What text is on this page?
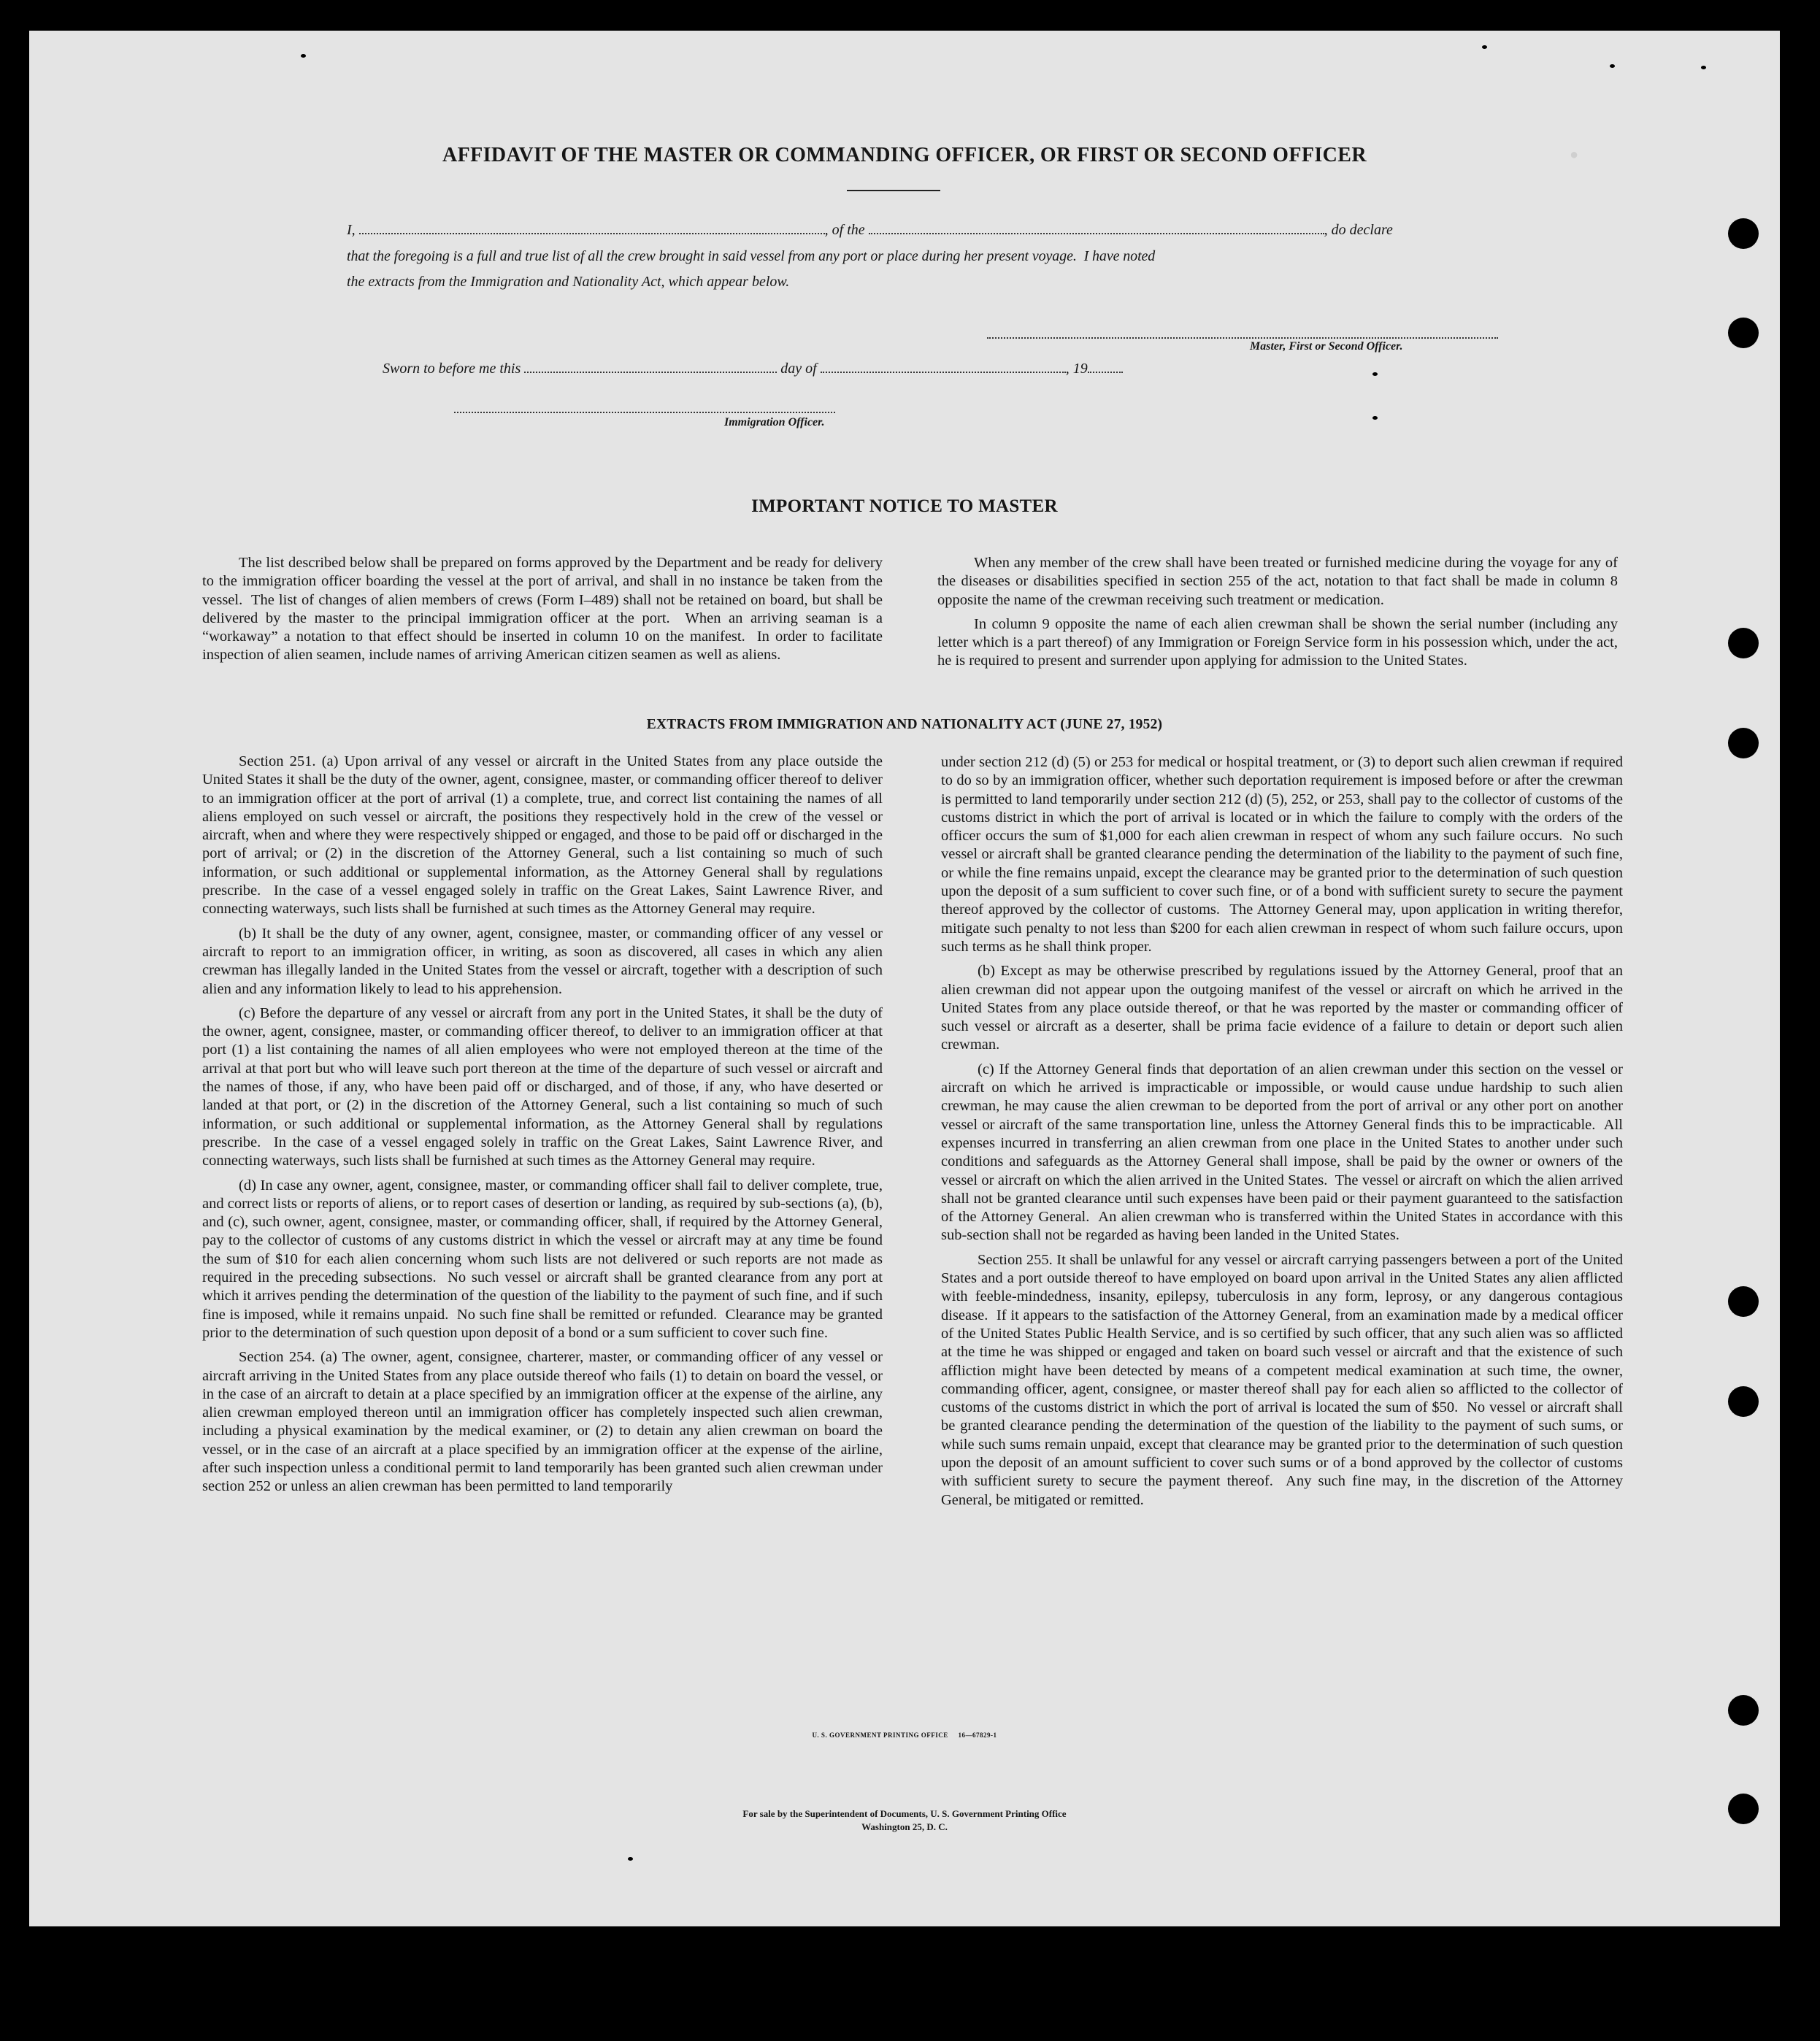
●
AFFIDAVIT OF THE MASTER OR COMMANDING OFFICER, OR FIRST OR SECOND OFFICER
I,	, of the	, do declare
that the foregoing is a full and true list of all the crew brought in said vessel from any port or place during her present voyage.  I have noted
the extracts from the Immigration and Nationality Act, which appear below.
Master, First or Second Officer.
Sworn to before me this	day of	, 19
Immigration Officer.
IMPORTANT NOTICE TO MASTER

The list described below shall be prepared on forms approved by the Department and be ready for delivery to the immigration officer boarding the vessel at the port of arrival, and shall in no instance be taken from the vessel.  The list of changes of alien members of crews (Form I–489) shall not be retained on board, but shall be delivered by the master to the principal immigration officer at the port.  When an arriving seaman is a “workaway” a notation to that effect should be inserted in column 10 on the manifest.  In order to facilitate inspection of alien seamen, include names of arriving American citizen seamen as well as aliens.

When any member of the crew shall have been treated or furnished medicine during the voyage for any of the diseases or disabilities specified in section 255 of the act, notation to that fact shall be made in column 8 opposite the name of the crewman receiving such treatment or medication.

In column 9 opposite the name of each alien crewman shall be shown the serial number (including any letter which is a part thereof) of any Immigration or Foreign Service form in his possession which, under the act, he is required to present and surrender upon applying for admission to the United States.

EXTRACTS FROM IMMIGRATION AND NATIONALITY ACT (JUNE 27, 1952)

Section 251. (a) Upon arrival of any vessel or aircraft in the United States from any place outside the United States it shall be the duty of the owner, agent, consignee, master, or commanding officer thereof to deliver to an immigration officer at the port of arrival (1) a complete, true, and correct list containing the names of all aliens employed on such vessel or aircraft, the positions they respectively hold in the crew of the vessel or aircraft, when and where they were respectively shipped or engaged, and those to be paid off or discharged in the port of arrival; or (2) in the discretion of the Attorney General, such a list containing so much of such information, or such additional or supplemental information, as the Attorney General shall by regulations prescribe.  In the case of a vessel engaged solely in traffic on the Great Lakes, Saint Lawrence River, and connecting waterways, such lists shall be furnished at such times as the Attorney General may require.

(b) It shall be the duty of any owner, agent, consignee, master, or commanding officer of any vessel or aircraft to report to an immigration officer, in writing, as soon as discovered, all cases in which any alien crewman has illegally landed in the United States from the vessel or aircraft, together with a description of such alien and any information likely to lead to his apprehension.

(c) Before the departure of any vessel or aircraft from any port in the United States, it shall be the duty of the owner, agent, consignee, master, or commanding officer thereof, to deliver to an immigration officer at that port (1) a list containing the names of all alien employees who were not employed thereon at the time of the arrival at that port but who will leave such port thereon at the time of the departure of such vessel or aircraft and the names of those, if any, who have been paid off or discharged, and of those, if any, who have deserted or landed at that port, or (2) in the discretion of the Attorney General, such a list containing so much of such information, or such additional or supplemental information, as the Attorney General shall by regulations prescribe.  In the case of a vessel engaged solely in traffic on the Great Lakes, Saint Lawrence River, and connecting waterways, such lists shall be furnished at such times as the Attorney General may require.

(d) In case any owner, agent, consignee, master, or commanding officer shall fail to deliver complete, true, and correct lists or reports of aliens, or to report cases of desertion or landing, as required by sub-sections (a), (b), and (c), such owner, agent, consignee, master, or commanding officer, shall, if required by the Attorney General, pay to the collector of customs of any customs district in which the vessel or aircraft may at any time be found the sum of $10 for each alien concerning whom such lists are not delivered or such reports are not made as required in the preceding subsections.  No such vessel or aircraft shall be granted clearance from any port at which it arrives pending the determination of the question of the liability to the payment of such fine, and if such fine is imposed, while it remains unpaid.  No such fine shall be remitted or refunded.  Clearance may be granted prior to the determination of such question upon deposit of a bond or a sum sufficient to cover such fine.

Section 254. (a) The owner, agent, consignee, charterer, master, or commanding officer of any vessel or aircraft arriving in the United States from any place outside thereof who fails (1) to detain on board the vessel, or in the case of an aircraft to detain at a place specified by an immigration officer at the expense of the airline, any alien crewman employed thereon until an immigration officer has completely inspected such alien crewman, including a physical examination by the medical examiner, or (2) to detain any alien crewman on board the vessel, or in the case of an aircraft at a place specified by an immigration officer at the expense of the airline, after such inspection unless a conditional permit to land temporarily has been granted such alien crewman under section 252 or unless an alien crewman has been permitted to land temporarily

under section 212 (d) (5) or 253 for medical or hospital treatment, or (3) to deport such alien crewman if required to do so by an immigration officer, whether such deportation requirement is imposed before or after the crewman is permitted to land temporarily under section 212 (d) (5), 252, or 253, shall pay to the collector of customs of the customs district in which the port of arrival is located or in which the failure to comply with the orders of the officer occurs the sum of $1,000 for each alien crewman in respect of whom any such failure occurs.  No such vessel or aircraft shall be granted clearance pending the determination of the liability to the payment of such fine, or while the fine remains unpaid, except the clearance may be granted prior to the determination of such question upon the deposit of a sum sufficient to cover such fine, or of a bond with sufficient surety to secure the payment thereof approved by the collector of customs.  The Attorney General may, upon application in writing therefor, mitigate such penalty to not less than $200 for each alien crewman in respect of whom such failure occurs, upon such terms as he shall think proper.

(b) Except as may be otherwise prescribed by regulations issued by the Attorney General, proof that an alien crewman did not appear upon the outgoing manifest of the vessel or aircraft on which he arrived in the United States from any place outside thereof, or that he was reported by the master or commanding officer of such vessel or aircraft as a deserter, shall be prima facie evidence of a failure to detain or deport such alien crewman.

(c) If the Attorney General finds that deportation of an alien crewman under this section on the vessel or aircraft on which he arrived is impracticable or impossible, or would cause undue hardship to such alien crewman, he may cause the alien crewman to be deported from the port of arrival or any other port on another vessel or aircraft of the same transportation line, unless the Attorney General finds this to be impracticable.  All expenses incurred in transferring an alien crewman from one place in the United States to another under such conditions and safeguards as the Attorney General shall impose, shall be paid by the owner or owners of the vessel or aircraft on which the alien arrived in the United States.  The vessel or aircraft on which the alien arrived shall not be granted clearance until such expenses have been paid or their payment guaranteed to the satisfaction of the Attorney General.  An alien crewman who is transferred within the United States in accordance with this sub-section shall not be regarded as having been landed in the United States.

Section 255. It shall be unlawful for any vessel or aircraft carrying passengers between a port of the United States and a port outside thereof to have employed on board upon arrival in the United States any alien afflicted with feeble-mindedness, insanity, epilepsy, tuberculosis in any form, leprosy, or any dangerous contagious disease.  If it appears to the satisfaction of the Attorney General, from an examination made by a medical officer of the United States Public Health Service, and is so certified by such officer, that any such alien was so afflicted at the time he was shipped or engaged and taken on board such vessel or aircraft and that the existence of such affliction might have been detected by means of a competent medical examination at such time, the owner, commanding officer, agent, consignee, or master thereof shall pay for each alien so afflicted to the collector of customs of the customs district in which the port of arrival is located the sum of $50.  No vessel or aircraft shall be granted clearance pending the determination of the question of the liability to the payment of such sums, or while such sums remain unpaid, except that clearance may be granted prior to the determination of such question upon the deposit of an amount sufficient to cover such sums or of a bond approved by the collector of customs with sufficient surety to secure the payment thereof.  Any such fine may, in the discretion of the Attorney General, be mitigated or remitted.

U. S. GOVERNMENT PRINTING OFFICE     16—67829-1
For sale by the Superintendent of Documents, U. S. Government Printing Office
Washington 25, D. C.
